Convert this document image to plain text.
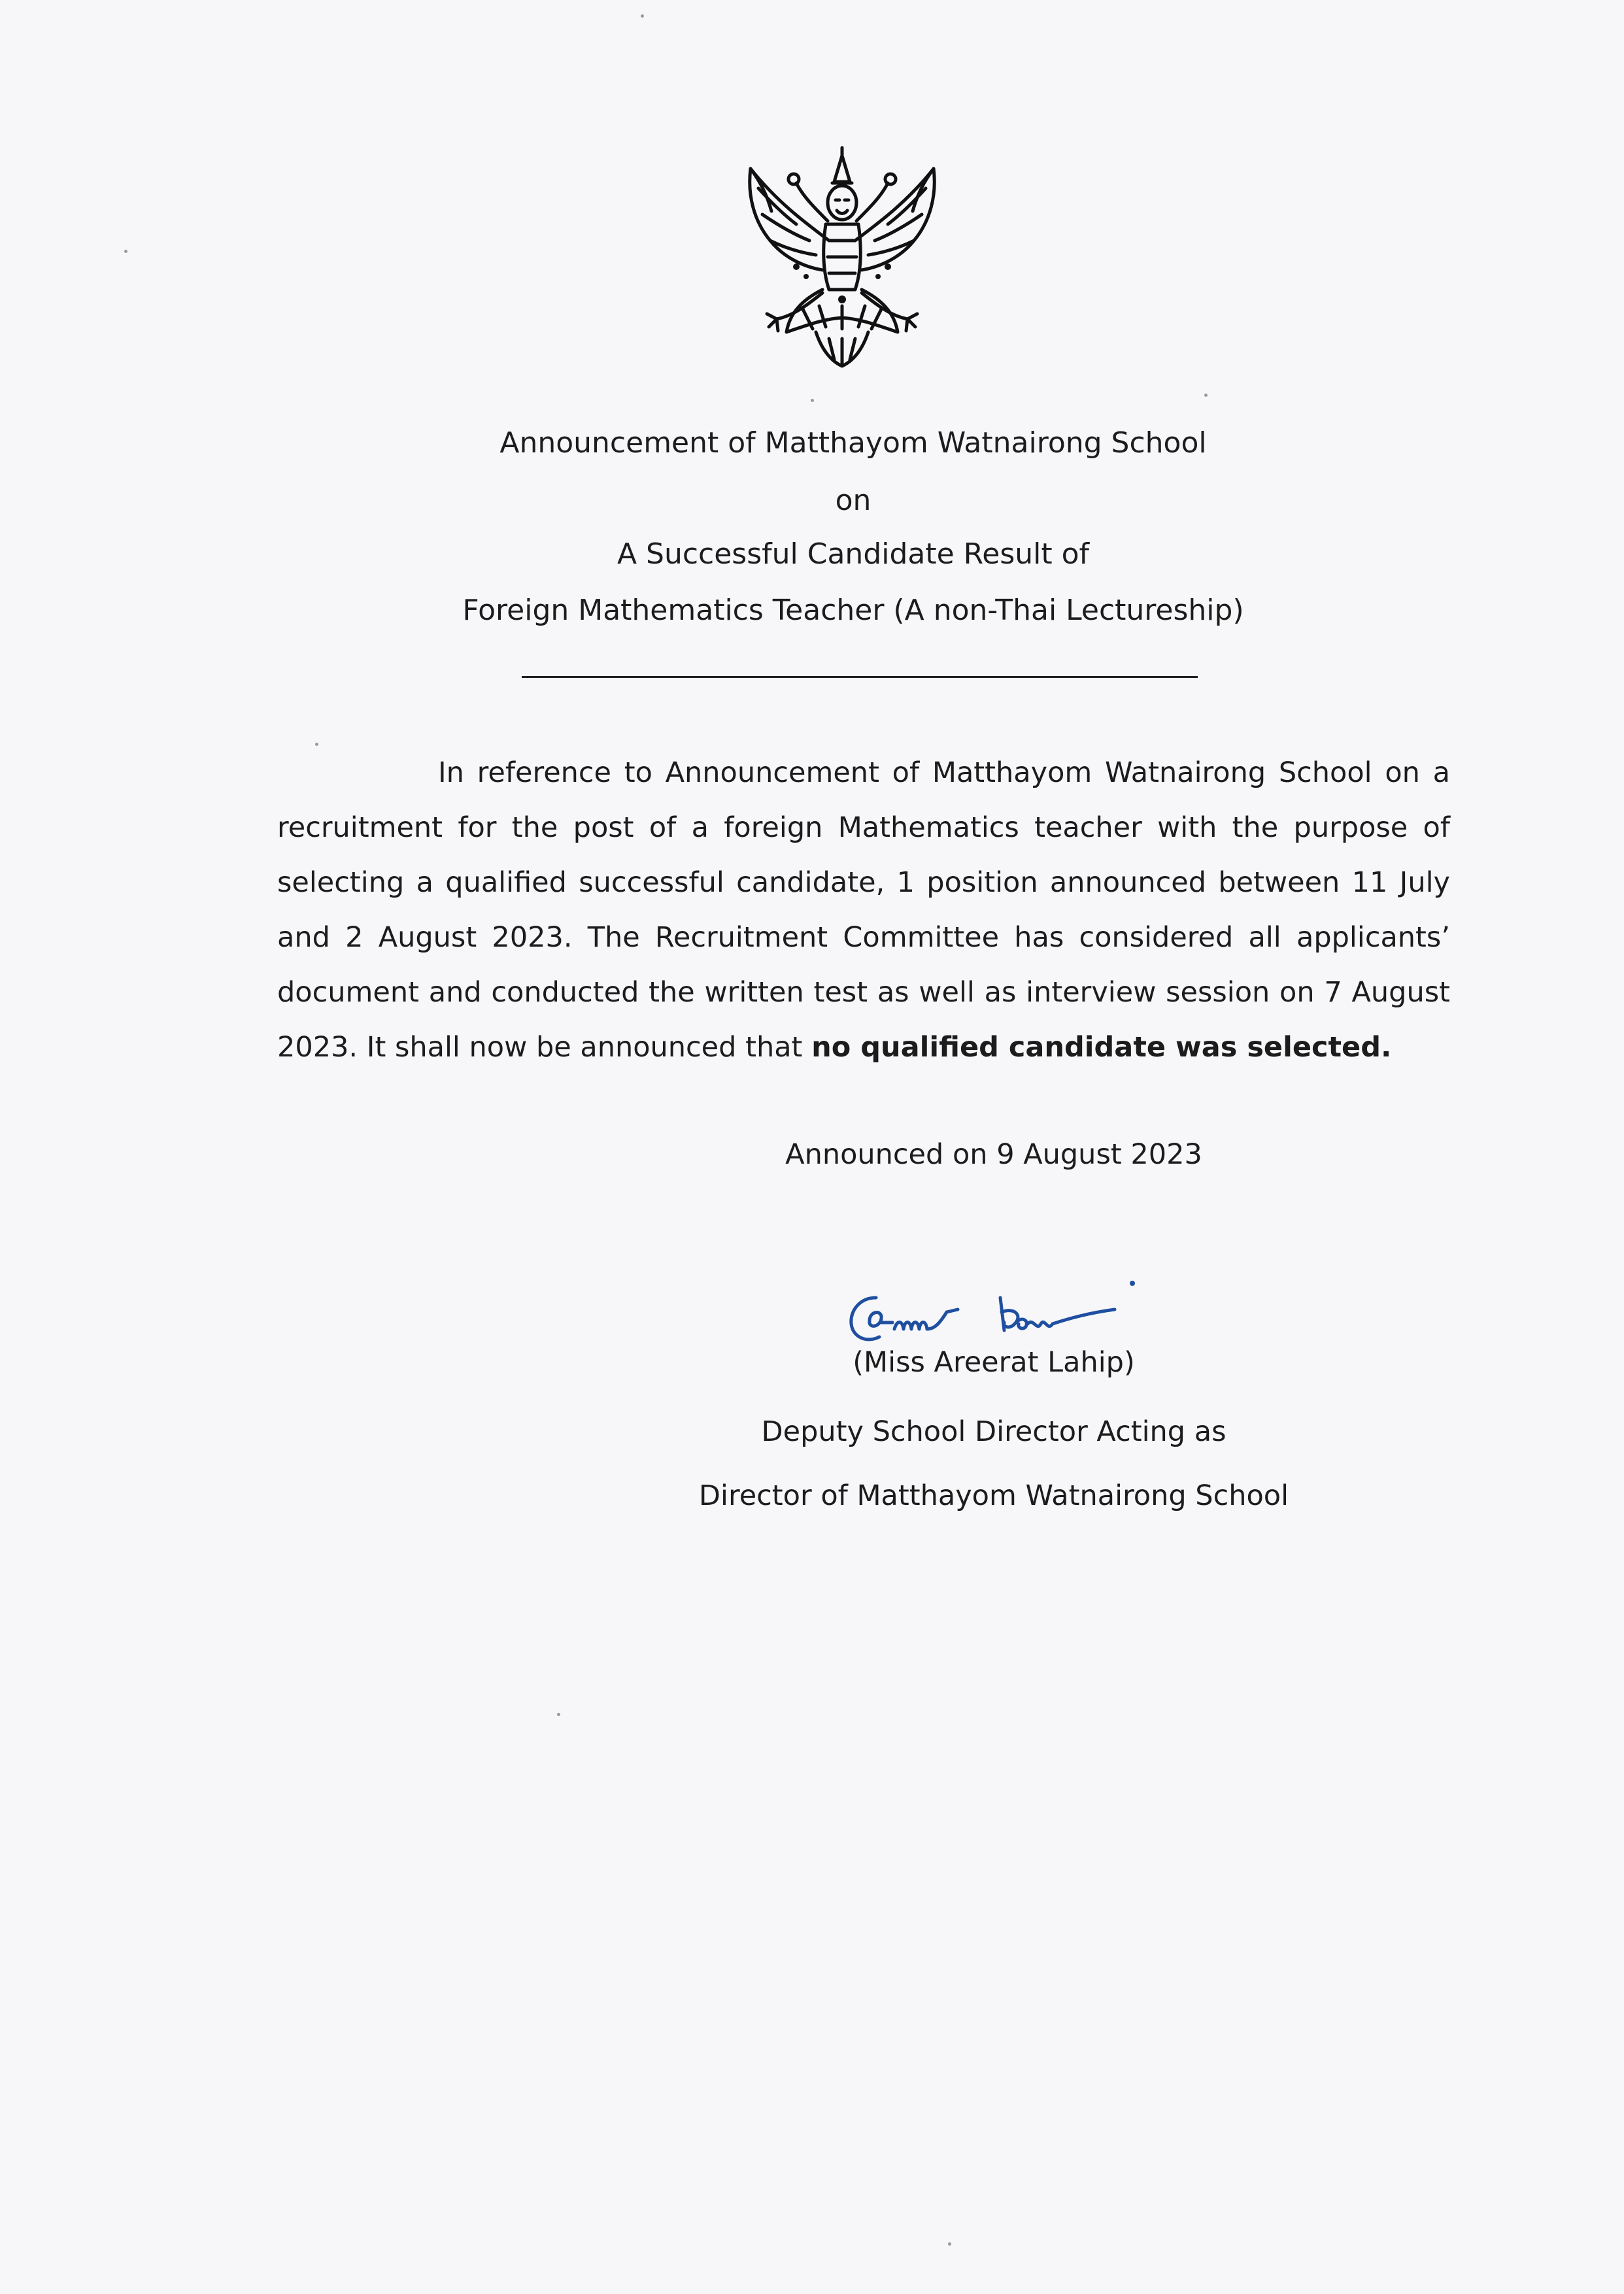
Announcement of Matthayom Watnairong School
on
A Successful Candidate Result of
Foreign Mathematics Teacher (A non-Thai Lectureship)
In reference to Announcement of Matthayom Watnairong School on a recruitment for the post of a foreign Mathematics teacher with the purpose of selecting a qualified successful candidate, 1 position announced between 11 July and 2 August 2023. The Recruitment Committee has considered all applicants’ document and conducted the written test as well as interview session on 7 August 2023. It shall now be announced that no qualified candidate was selected.
Announced on 9 August 2023
(Miss Areerat Lahip)
Deputy School Director Acting as
Director of Matthayom Watnairong School
